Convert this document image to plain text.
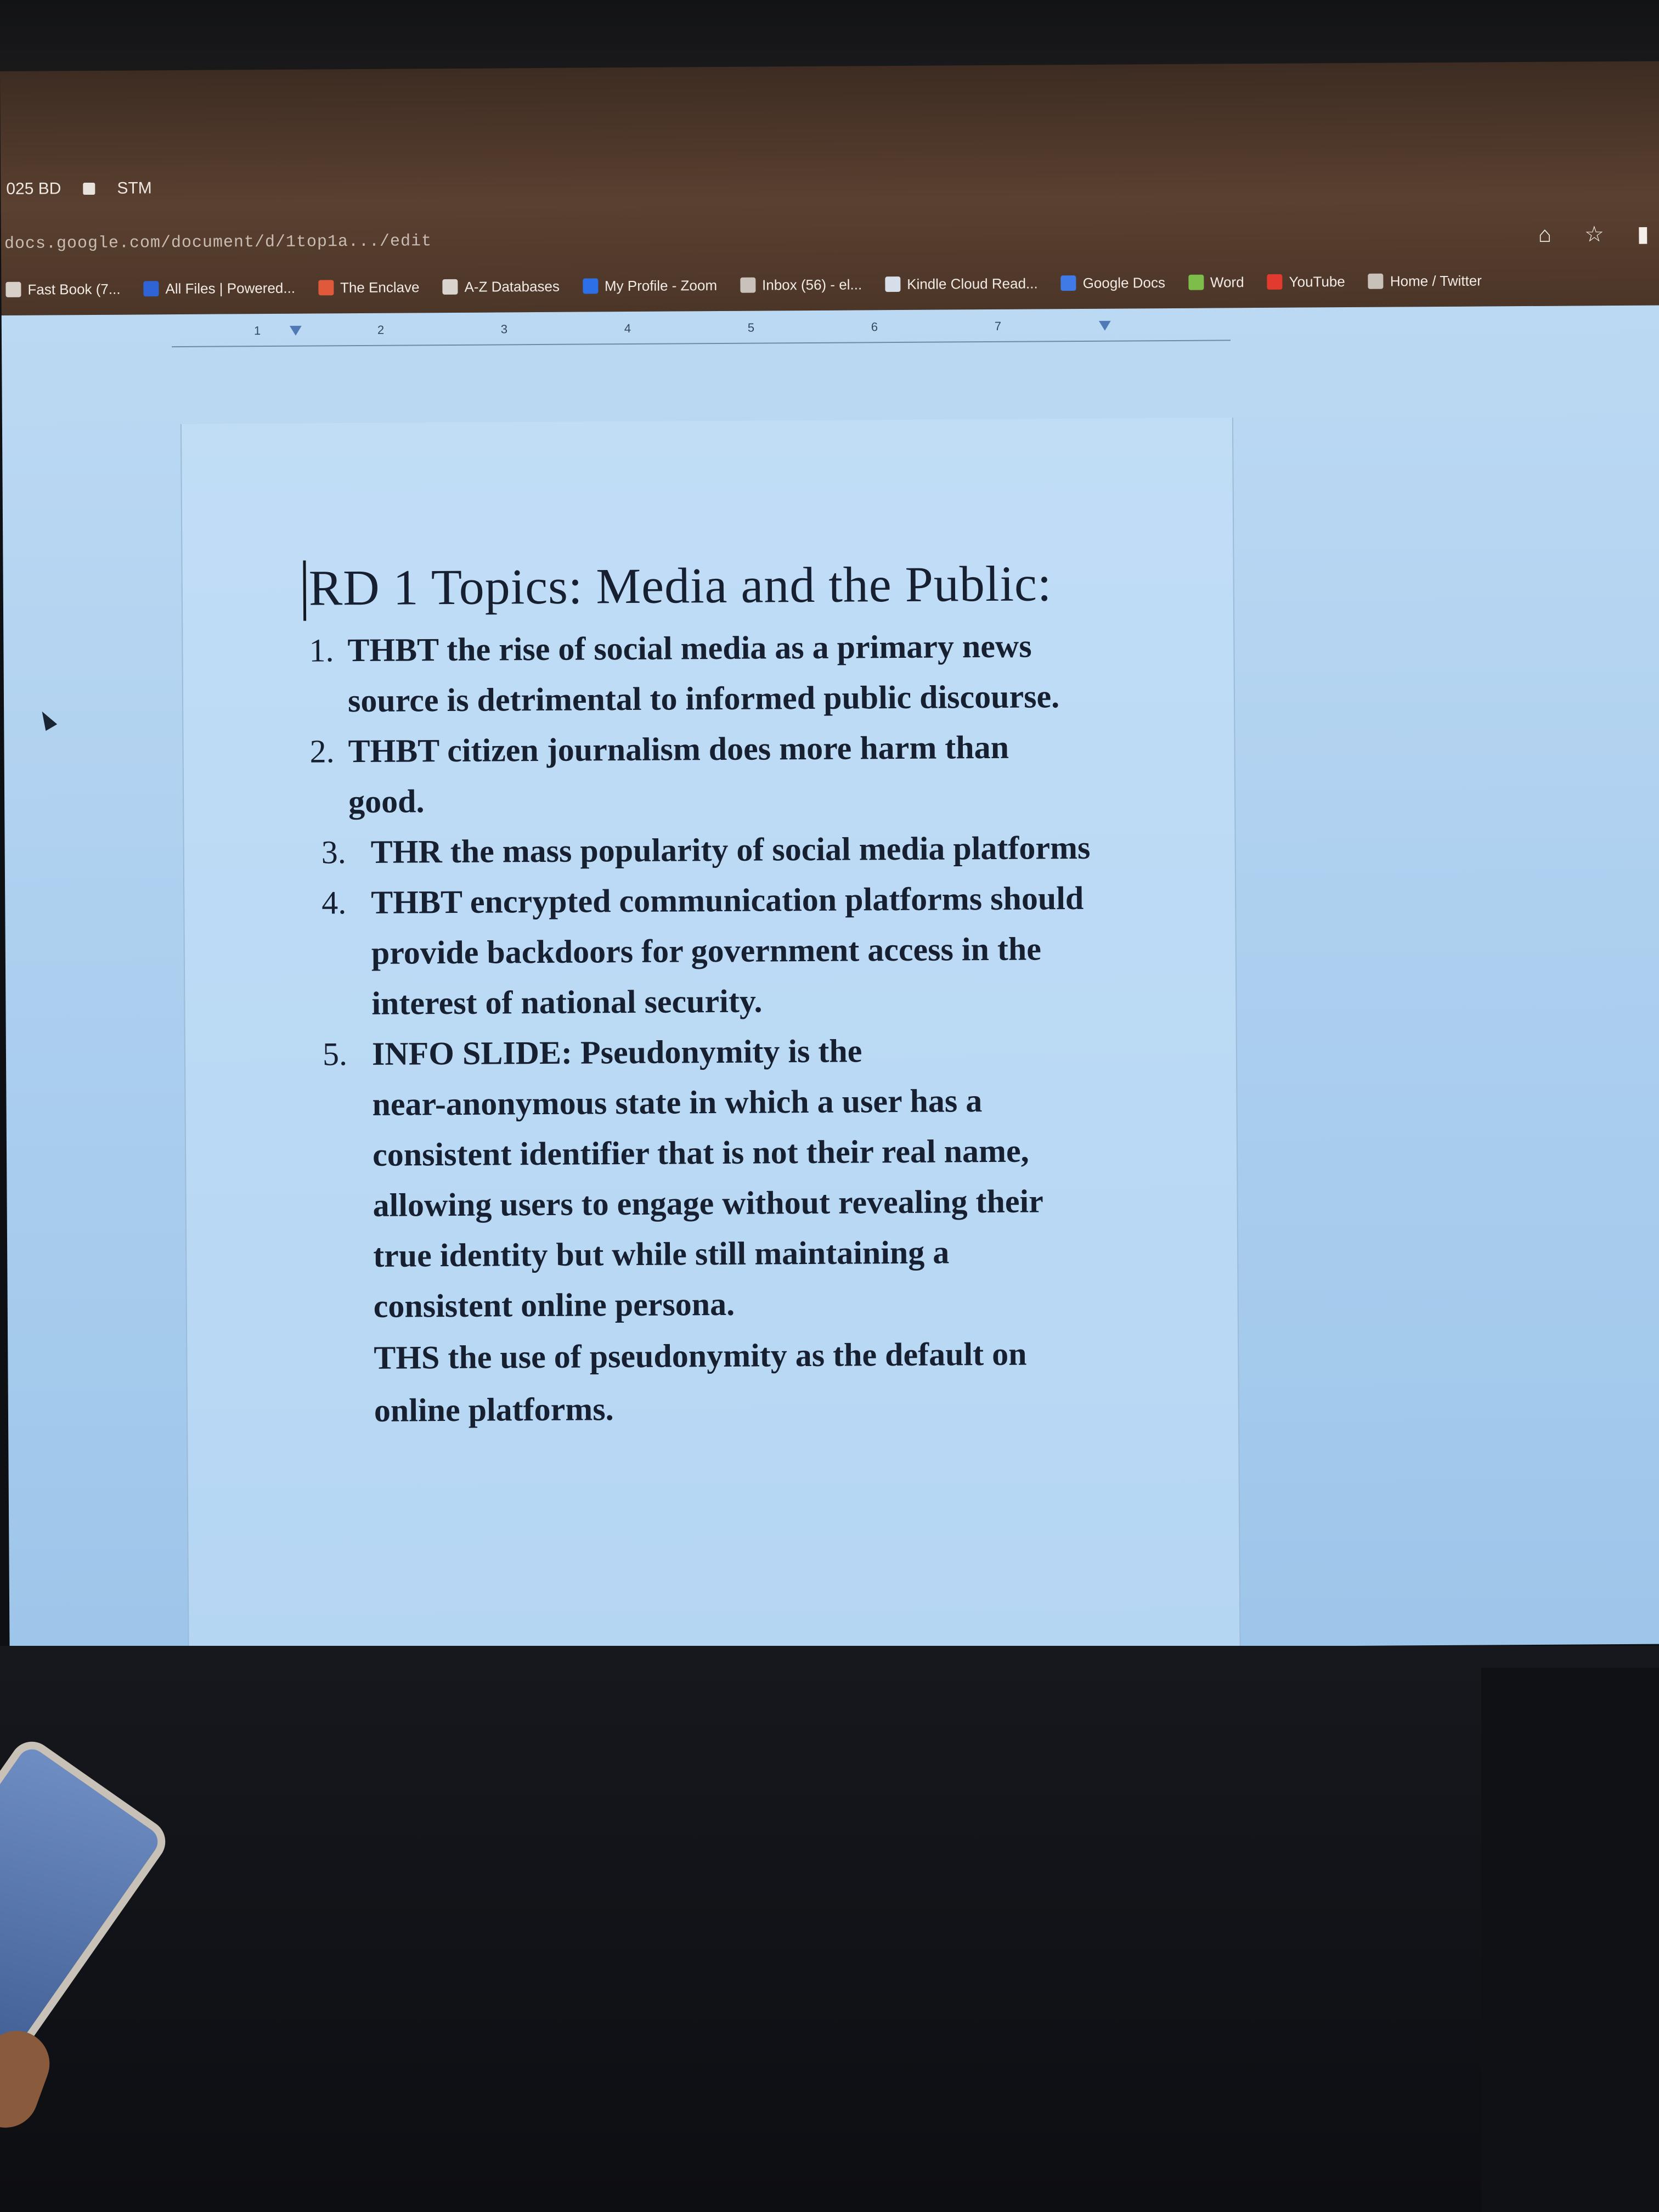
025 BD	STM
docs.google.com/document/d/1top1a.../edit	⌂ ☆ ▮
Fast Book (7...	All Files | Powered...	The Enclave	A-Z Databases	My Profile - Zoom	Inbox (56) - el...	Kindle Cloud Read...	Google Docs	Word	YouTube	Home / Twitter
1	2	3	4	5	6	7
RD 1 Topics: Media and the Public:
1. THBT the rise of social media as a primary news
source is detrimental to informed public discourse.
2. THBT citizen journalism does more harm than
good.
3. THR the mass popularity of social media platforms
4. THBT encrypted communication platforms should
provide backdoors for government access in the
interest of national security.
5. INFO SLIDE: Pseudonymity is the
near-anonymous state in which a user has a
consistent identifier that is not their real name,
allowing users to engage without revealing their
true identity but while still maintaining a
consistent online persona.
THS the use of pseudonymity as the default on
online platforms.
